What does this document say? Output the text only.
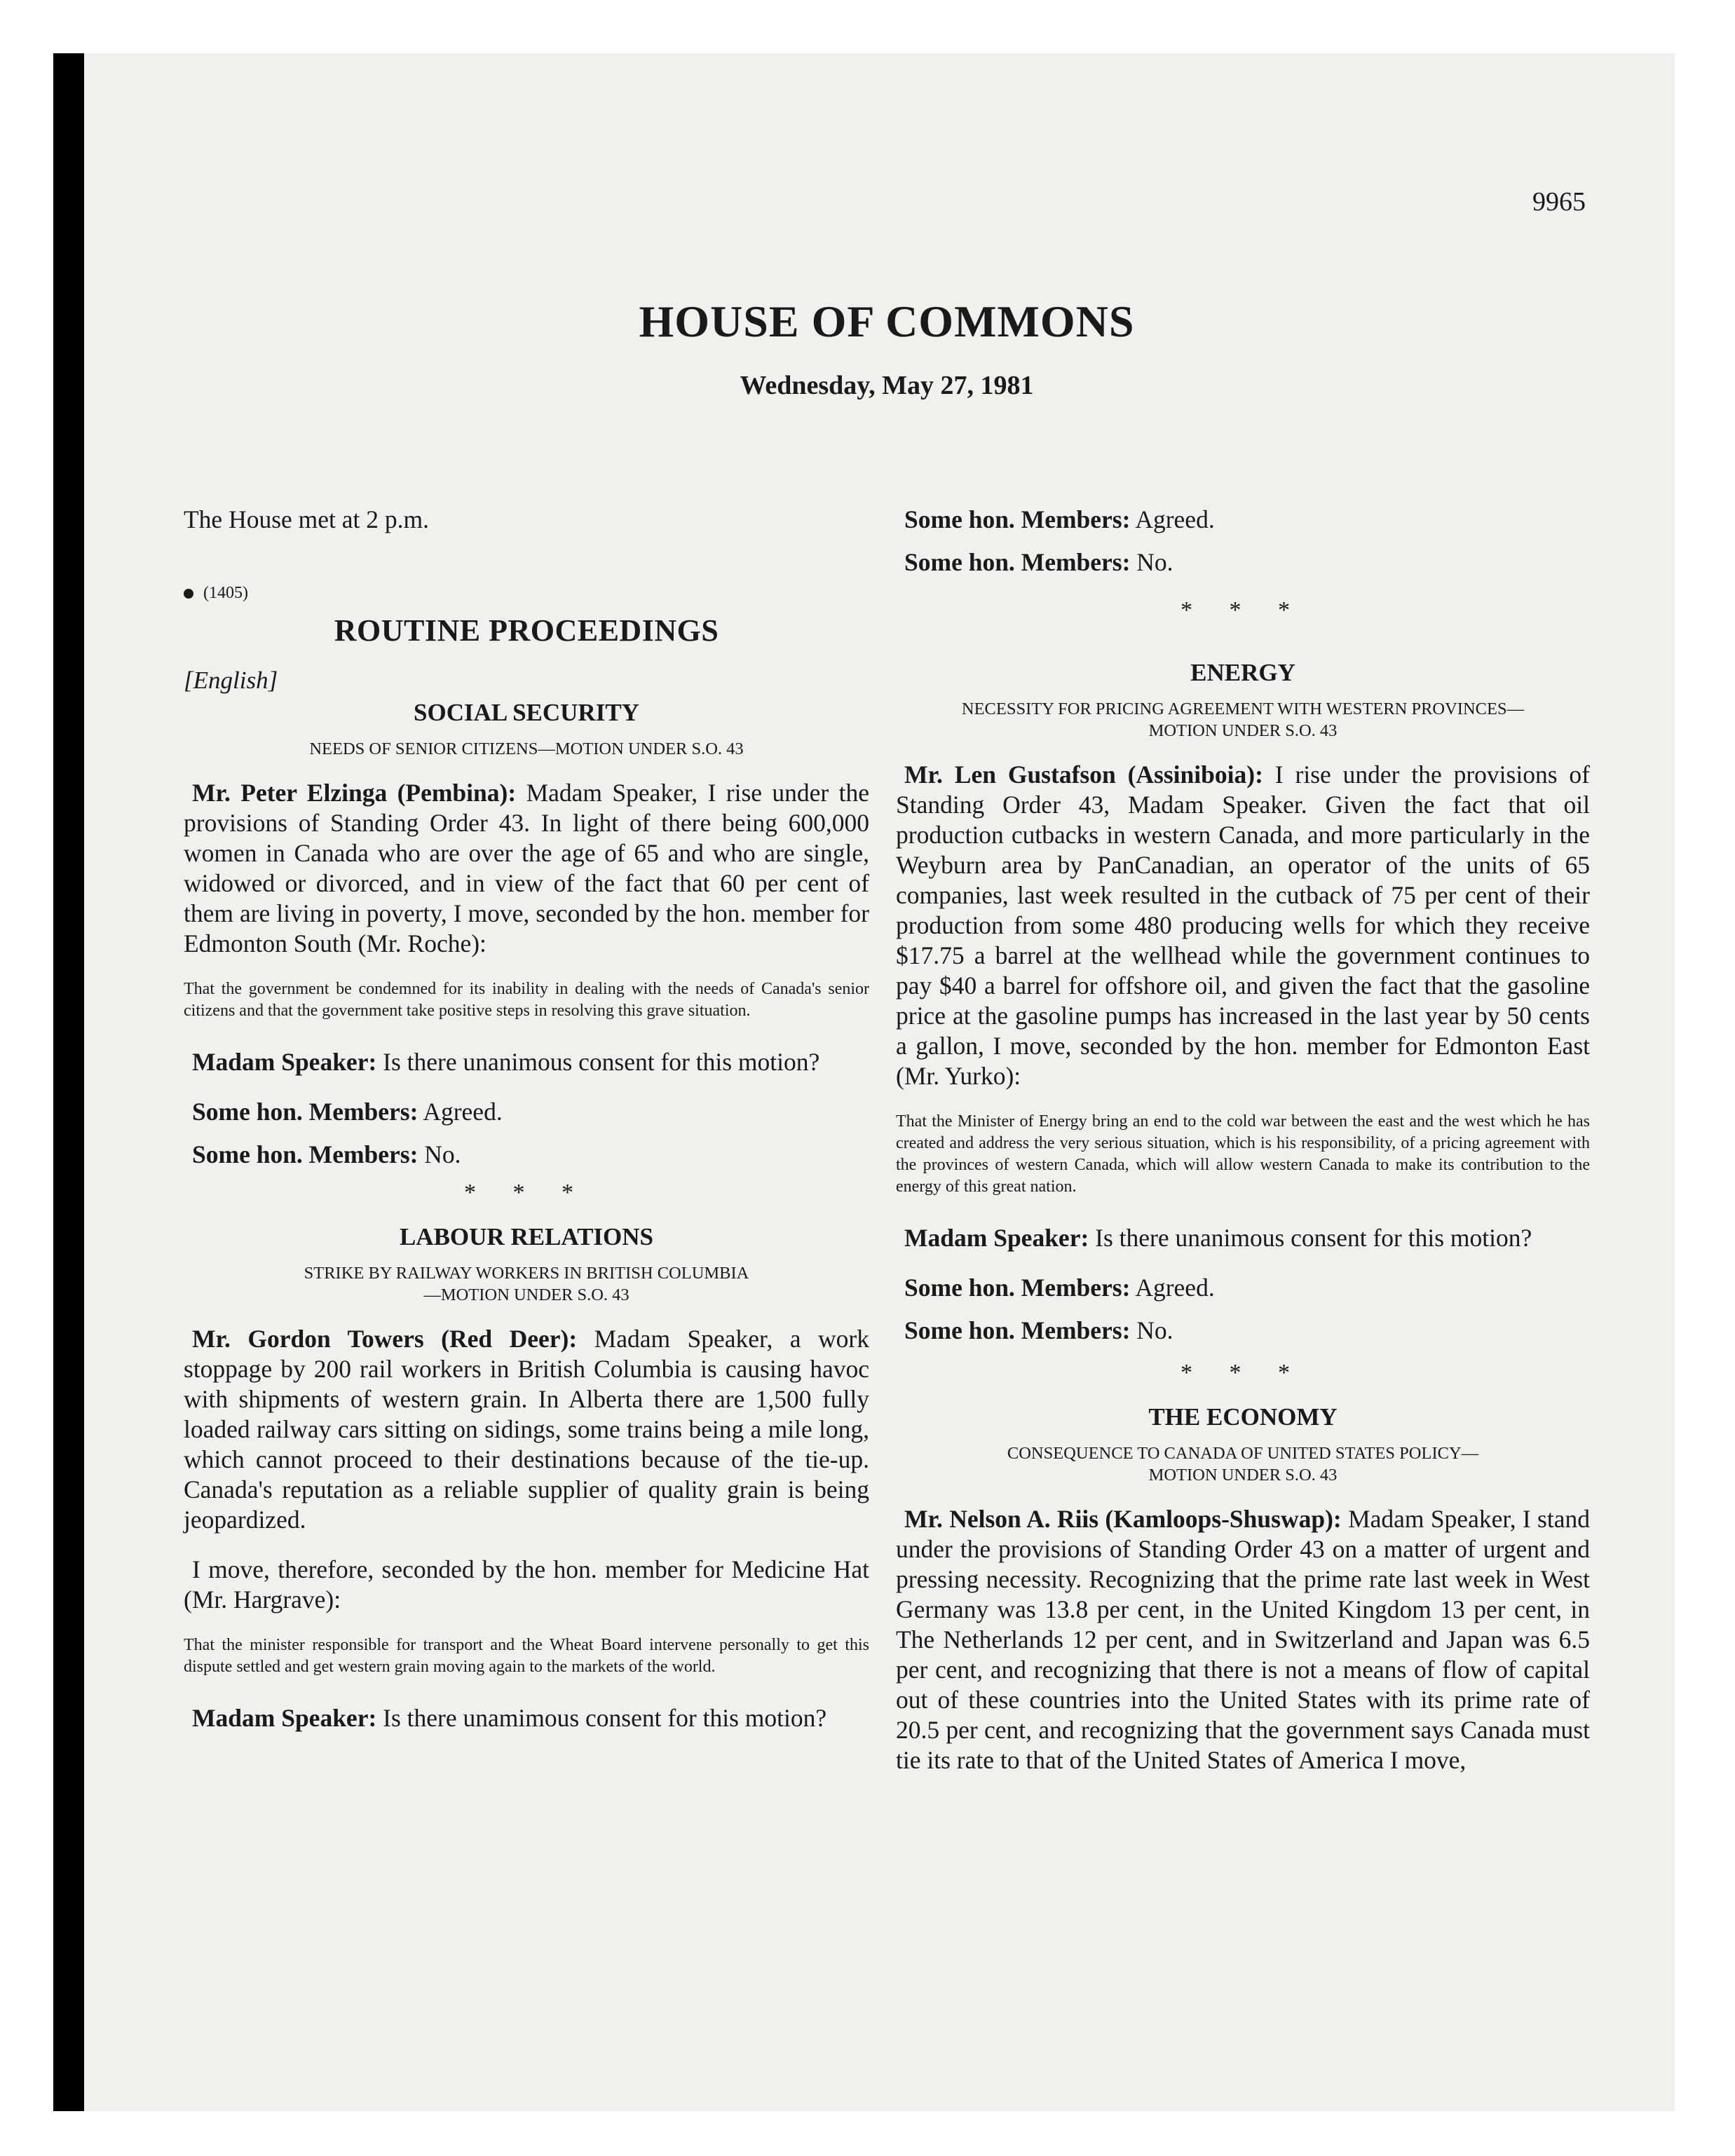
9965
HOUSE OF COMMONS
Wednesday, May 27, 1981
The House met at 2 p.m.
(1405)
ROUTINE PROCEEDINGS
[English]
SOCIAL SECURITY
NEEDS OF SENIOR CITIZENS—MOTION UNDER S.O. 43
Mr. Peter Elzinga (Pembina): Madam Speaker, I rise under the provisions of Standing Order 43. In light of there being 600,000 women in Canada who are over the age of 65 and who are single, widowed or divorced, and in view of the fact that 60 per cent of them are living in poverty, I move, seconded by the hon. member for Edmonton South (Mr. Roche):
That the government be condemned for its inability in dealing with the needs of Canada's senior citizens and that the government take positive steps in resolving this grave situation.
Madam Speaker: Is there unanimous consent for this motion?
Some hon. Members: Agreed.
Some hon. Members: No.
* * *
LABOUR RELATIONS
STRIKE BY RAILWAY WORKERS IN BRITISH COLUMBIA—MOTION UNDER S.O. 43
Mr. Gordon Towers (Red Deer): Madam Speaker, a work stoppage by 200 rail workers in British Columbia is causing havoc with shipments of western grain. In Alberta there are 1,500 fully loaded railway cars sitting on sidings, some trains being a mile long, which cannot proceed to their destinations because of the tie-up. Canada's reputation as a reliable supplier of quality grain is being jeopardized.
I move, therefore, seconded by the hon. member for Medicine Hat (Mr. Hargrave):
That the minister responsible for transport and the Wheat Board intervene personally to get this dispute settled and get western grain moving again to the markets of the world.
Madam Speaker: Is there unamimous consent for this motion?
Some hon. Members: Agreed.
Some hon. Members: No.
* * *
ENERGY
NECESSITY FOR PRICING AGREEMENT WITH WESTERN PROVINCES—MOTION UNDER S.O. 43
Mr. Len Gustafson (Assiniboia): I rise under the provisions of Standing Order 43, Madam Speaker. Given the fact that oil production cutbacks in western Canada, and more particularly in the Weyburn area by PanCanadian, an operator of the units of 65 companies, last week resulted in the cutback of 75 per cent of their production from some 480 producing wells for which they receive $17.75 a barrel at the wellhead while the government continues to pay $40 a barrel for offshore oil, and given the fact that the gasoline price at the gasoline pumps has increased in the last year by 50 cents a gallon, I move, seconded by the hon. member for Edmonton East (Mr. Yurko):
That the Minister of Energy bring an end to the cold war between the east and the west which he has created and address the very serious situation, which is his responsibility, of a pricing agreement with the provinces of western Canada, which will allow western Canada to make its contribution to the energy of this great nation.
Madam Speaker: Is there unanimous consent for this motion?
Some hon. Members: Agreed.
Some hon. Members: No.
* * *
THE ECONOMY
CONSEQUENCE TO CANADA OF UNITED STATES POLICY—MOTION UNDER S.O. 43
Mr. Nelson A. Riis (Kamloops-Shuswap): Madam Speaker, I stand under the provisions of Standing Order 43 on a matter of urgent and pressing necessity. Recognizing that the prime rate last week in West Germany was 13.8 per cent, in the United Kingdom 13 per cent, in The Netherlands 12 per cent, and in Switzerland and Japan was 6.5 per cent, and recognizing that there is not a means of flow of capital out of these countries into the United States with its prime rate of 20.5 per cent, and recognizing that the government says Canada must tie its rate to that of the United States of America I move,
